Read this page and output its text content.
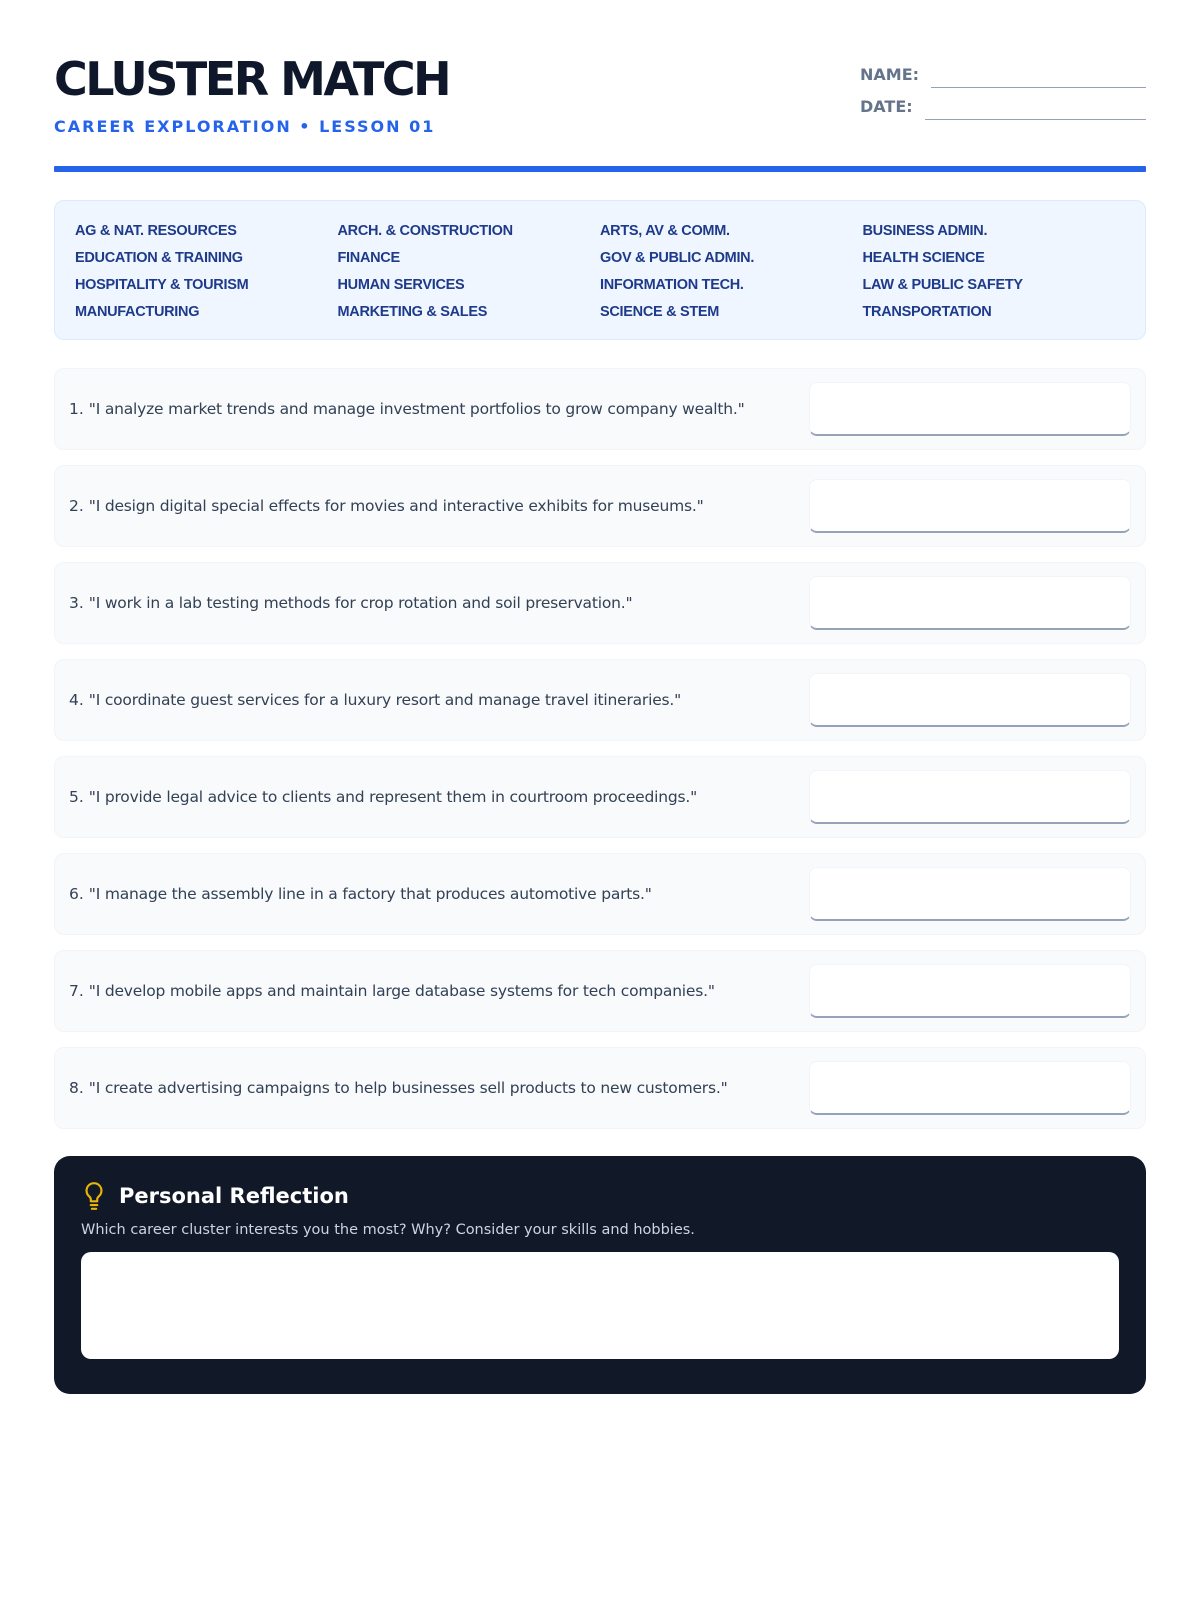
CLUSTER MATCH
CAREER EXPLORATION • LESSON 01
NAME:
DATE:
AG & NAT. RESOURCES	ARCH. & CONSTRUCTION	ARTS, AV & COMM.	BUSINESS ADMIN.
EDUCATION & TRAINING	FINANCE	GOV & PUBLIC ADMIN.	HEALTH SCIENCE
HOSPITALITY & TOURISM	HUMAN SERVICES	INFORMATION TECH.	LAW & PUBLIC SAFETY
MANUFACTURING	MARKETING & SALES	SCIENCE & STEM	TRANSPORTATION
1. "I analyze market trends and manage investment portfolios to grow company wealth."
2. "I design digital special effects for movies and interactive exhibits for museums."
3. "I work in a lab testing methods for crop rotation and soil preservation."
4. "I coordinate guest services for a luxury resort and manage travel itineraries."
5. "I provide legal advice to clients and represent them in courtroom proceedings."
6. "I manage the assembly line in a factory that produces automotive parts."
7. "I develop mobile apps and maintain large database systems for tech companies."
8. "I create advertising campaigns to help businesses sell products to new customers."
Personal Reflection
Which career cluster interests you the most? Why? Consider your skills and hobbies.
